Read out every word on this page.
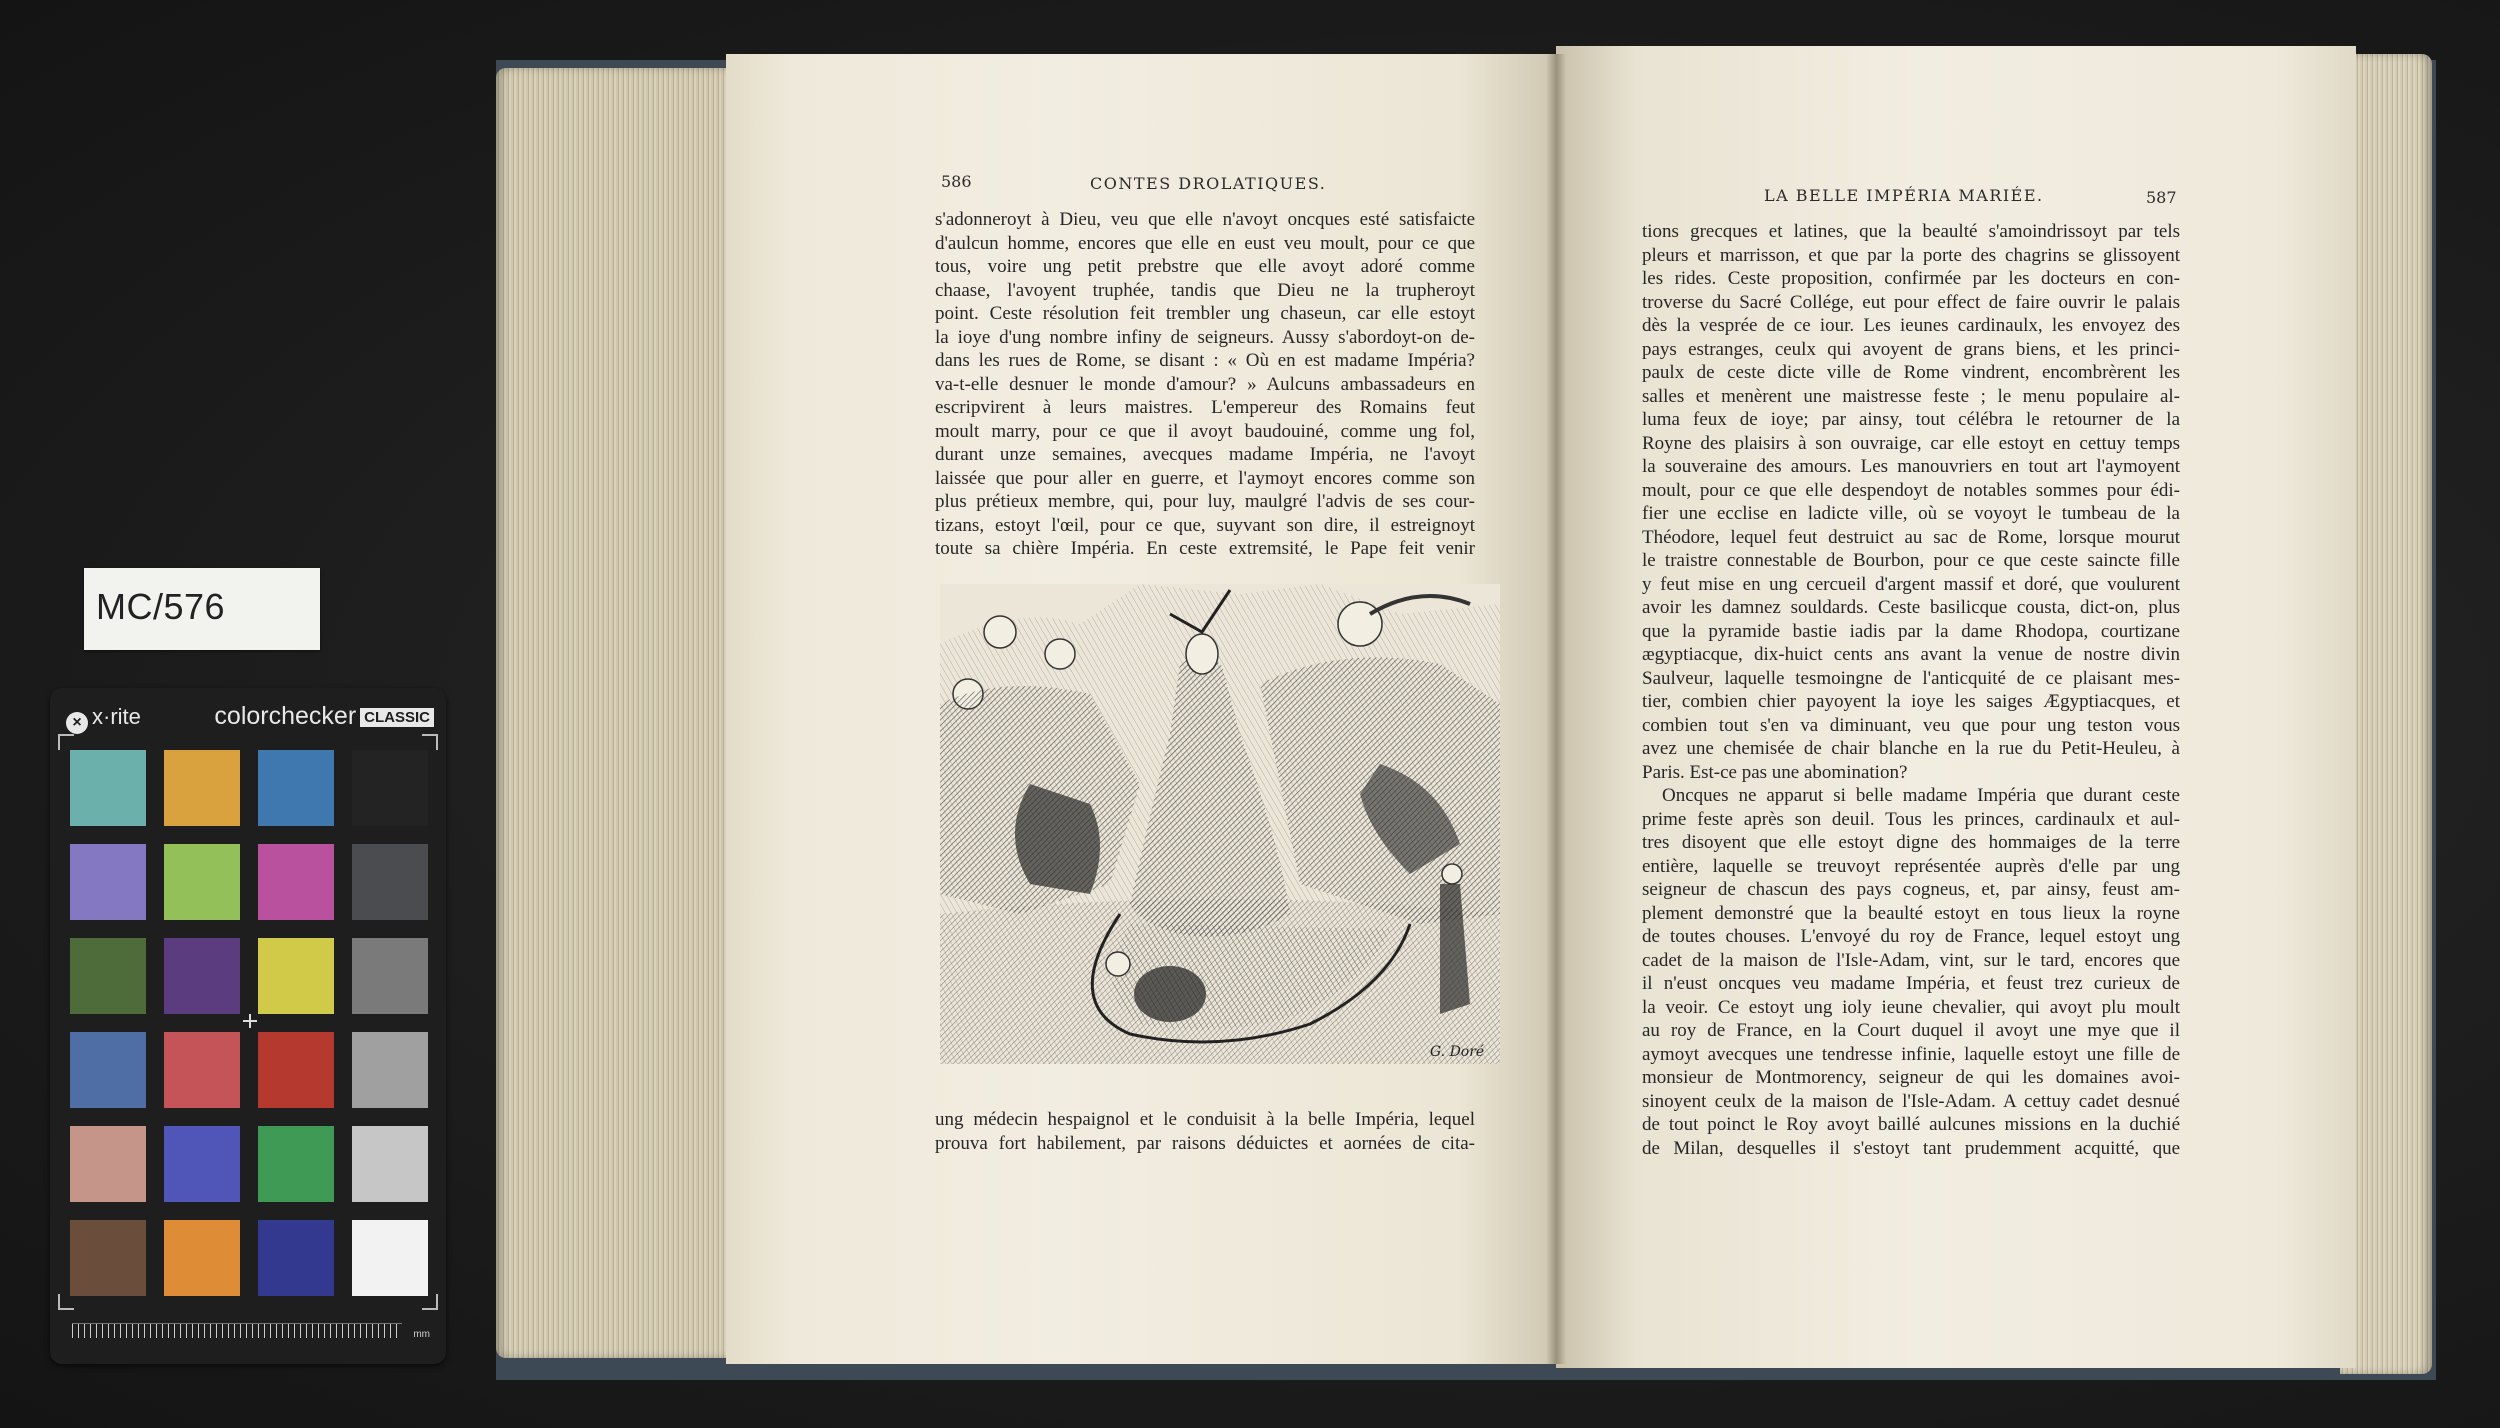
MC/576
× x·rite	colorchecker CLASSIC
mm
586	CONTES DROLATIQUES.
s'adonneroyt à Dieu, veu que elle n'avoyt oncques esté satisfaicte
d'aulcun homme, encores que elle en eust veu moult, pour ce que
tous, voire ung petit prebstre que elle avoyt adoré comme
chaase, l'avoyent truphée, tandis que Dieu ne la trupheroyt
point. Ceste résolution feit trembler ung chaseun, car elle estoyt
la ioye d'ung nombre infiny de seigneurs. Aussy s'abordoyt-on de-
dans les rues de Rome, se disant : « Où en est madame Impéria?
va-t-elle desnuer le monde d'amour? » Aulcuns ambassadeurs en
escripvirent à leurs maistres. L'empereur des Romains feut
moult marry, pour ce que il avoyt baudouiné, comme ung fol,
durant unze semaines, avecques madame Impéria, ne l'avoyt
laissée que pour aller en guerre, et l'aymoyt encores comme son
plus prétieux membre, qui, pour luy, maulgré l'advis de ses cour-
tizans, estoyt l'œil, pour ce que, suyvant son dire, il estreignoyt
toute sa chière Impéria. En ceste extremsité, le Pape feit venir
G. Doré
ung médecin hespaignol et le conduisit à la belle Impéria, lequel
prouva fort habilement, par raisons déduictes et aornées de cita-
LA BELLE IMPÉRIA MARIÉE.	587
tions grecques et latines, que la beaulté s'amoindrissoyt par tels
pleurs et marrisson, et que par la porte des chagrins se glissoyent
les rides. Ceste proposition, confirmée par les docteurs en con-
troverse du Sacré Collége, eut pour effect de faire ouvrir le palais
dès la vesprée de ce iour. Les ieunes cardinaulx, les envoyez des
pays estranges, ceulx qui avoyent de grans biens, et les princi-
paulx de ceste dicte ville de Rome vindrent, encombrèrent les
salles et menèrent une maistresse feste ; le menu populaire al-
luma feux de ioye; par ainsy, tout célébra le retourner de la
Royne des plaisirs à son ouvraige, car elle estoyt en cettuy temps
la souveraine des amours. Les manouvriers en tout art l'aymoyent
moult, pour ce que elle despendoyt de notables sommes pour édi-
fier une ecclise en ladicte ville, où se voyoyt le tumbeau de la
Théodore, lequel feut destruict au sac de Rome, lorsque mourut
le traistre connestable de Bourbon, pour ce que ceste saincte fille
y feut mise en ung cercueil d'argent massif et doré, que voulurent
avoir les damnez souldards. Ceste basilicque cousta, dict-on, plus
que la pyramide bastie iadis par la dame Rhodopa, courtizane
ægyptiacque, dix-huict cents ans avant la venue de nostre divin
Saulveur, laquelle tesmoingne de l'anticquité de ce plaisant mes-
tier, combien chier payoyent la ioye les saiges Ægyptiacques, et
combien tout s'en va diminuant, veu que pour ung teston vous
avez une chemisée de chair blanche en la rue du Petit-Heuleu, à
Paris. Est-ce pas une abomination?
Oncques ne apparut si belle madame Impéria que durant ceste
prime feste après son deuil. Tous les princes, cardinaulx et aul-
tres disoyent que elle estoyt digne des hommaiges de la terre
entière, laquelle se treuvoyt représentée auprès d'elle par ung
seigneur de chascun des pays cogneus, et, par ainsy, feust am-
plement demonstré que la beaulté estoyt en tous lieux la royne
de toutes chouses. L'envoyé du roy de France, lequel estoyt ung
cadet de la maison de l'Isle-Adam, vint, sur le tard, encores que
il n'eust oncques veu madame Impéria, et feust trez curieux de
la veoir. Ce estoyt ung ioly ieune chevalier, qui avoyt plu moult
au roy de France, en la Court duquel il avoyt une mye que il
aymoyt avecques une tendresse infinie, laquelle estoyt une fille de
monsieur de Montmorency, seigneur de qui les domaines avoi-
sinoyent ceulx de la maison de l'Isle-Adam. A cettuy cadet desnué
de tout poinct le Roy avoyt baillé aulcunes missions en la duchié
de Milan, desquelles il s'estoyt tant prudemment acquitté, que
